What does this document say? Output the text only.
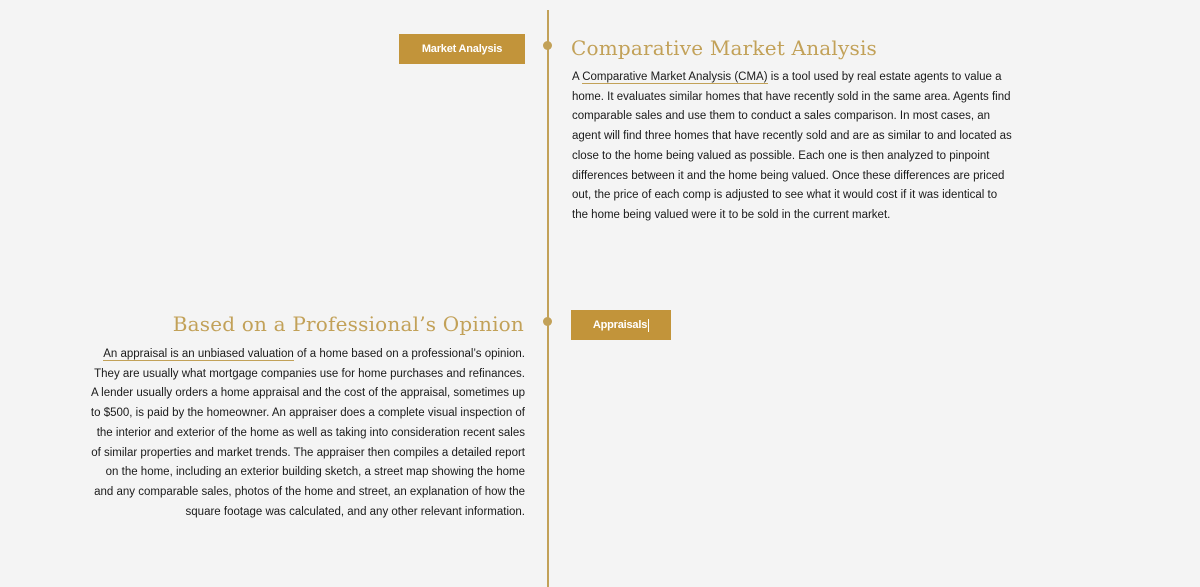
Market Analysis	Comparative Market Analysis

A Comparative Market Analysis (CMA) is a tool used by real estate agents to value a home. It evaluates similar homes that have recently sold in the same area. Agents find comparable sales and use them to conduct a sales comparison. In most cases, an agent will find three homes that have recently sold and are as similar to and located as close to the home being valued as possible. Each one is then analyzed to pinpoint differences between it and the home being valued. Once these differences are priced out, the price of each comp is adjusted to see what it would cost if it was identical to the home being valued were it to be sold in the current market.

Based on a Professional’s Opinion	Appraisals

An appraisal is an unbiased valuation of a home based on a professional’s opinion. They are usually what mortgage companies use for home purchases and refinances. A lender usually orders a home appraisal and the cost of the appraisal, sometimes up to $500, is paid by the homeowner. An appraiser does a complete visual inspection of the interior and exterior of the home as well as taking into consideration recent sales of similar properties and market trends. The appraiser then compiles a detailed report on the home, including an exterior building sketch, a street map showing the home and any comparable sales, photos of the home and street, an explanation of how the square footage was calculated, and any other relevant information.
